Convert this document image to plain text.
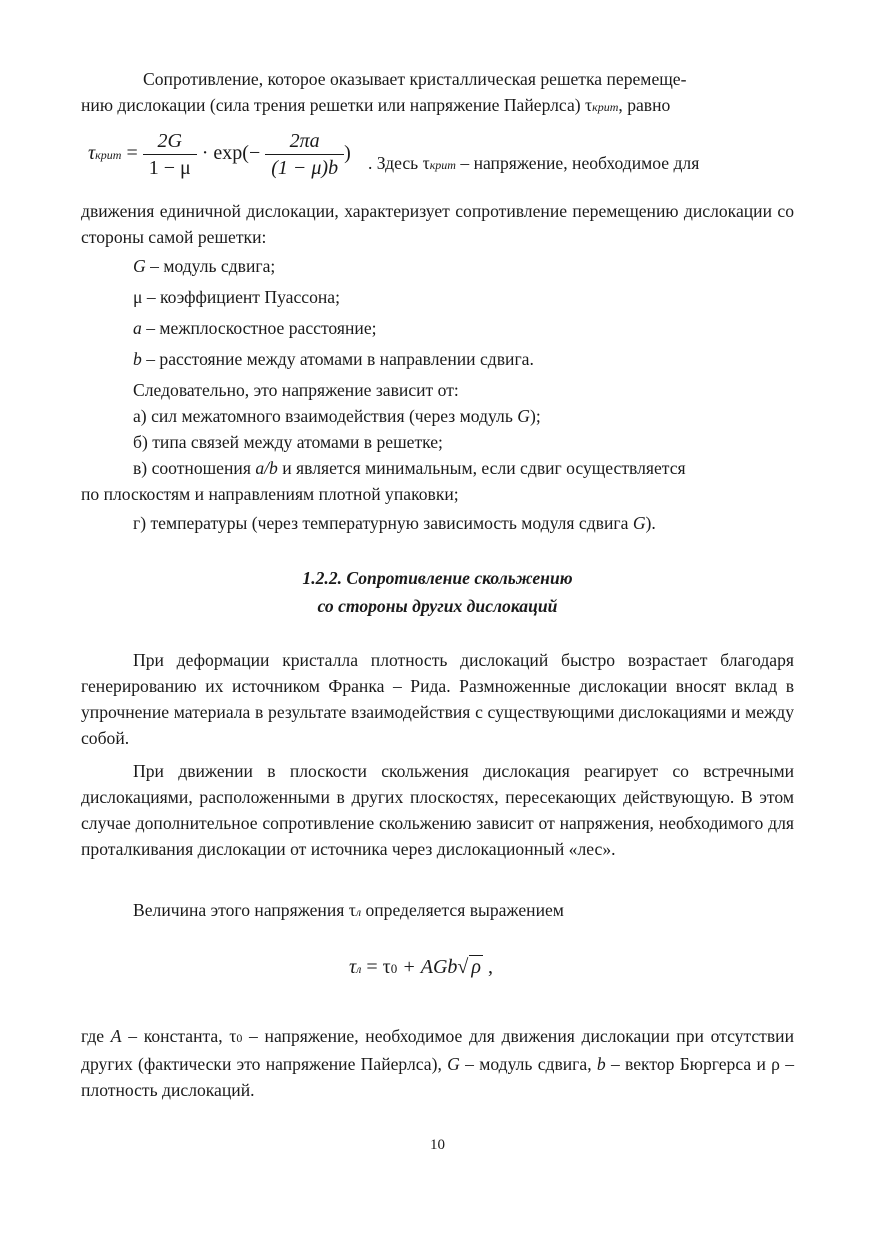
Сопротивление, которое оказывает кристаллическая решетка перемеще-
нию дислокации (сила трения решетки или напряжение Пайерлса) τкрит, равно

τкрит = $\frac{2G}{1 - \mu} \cdot \exp(- \frac{2\pi a}{(1 - \mu)b}$ ) . Здесь τкрит – напряжение, необходимое для

движения единичной дислокации, характеризует сопротивление перемещению дислокации со стороны самой решетки:

G – модуль сдвига;

μ – коэффициент Пуассона;

a – межплоскостное расстояние;

b – расстояние между атомами в направлении сдвига.

Следовательно, это напряжение зависит от:

а) сил межатомного взаимодействия (через модуль G);

б) типа связей между атомами в решетке;

в) соотношения a/b и является минимальным, если сдвиг осуществляется

по плоскостям и направлениям плотной упаковки;

г) температуры (через температурную зависимость модуля сдвига G).

1.2.2. Сопротивление скольжению
со стороны других дислокаций

При деформации кристалла плотность дислокаций быстро возрастает благодаря генерированию их источником Франка – Рида. Размноженные дислокации вносят вклад в упрочнение материала в результате взаимодействия с существующими дислокациями и между собой.

При движении в плоскости скольжения дислокация реагирует со встречными дислокациями, расположенными в других плоскостях, пересекающих действующую. В этом случае дополнительное сопротивление скольжению зависит от напряжения, необходимого для проталкивания дислокации от источника через дислокационный «лес».

Величина этого напряжения τл определяется выражением

τл = τ0 + AGb√ ρ ,

где A – константа, τ0 – напряжение, необходимое для движения дислокации при отсутствии других (фактически это напряжение Пайерлса), G – модуль сдвига, b – вектор Бюргерса и ρ – плотность дислокаций.

10
